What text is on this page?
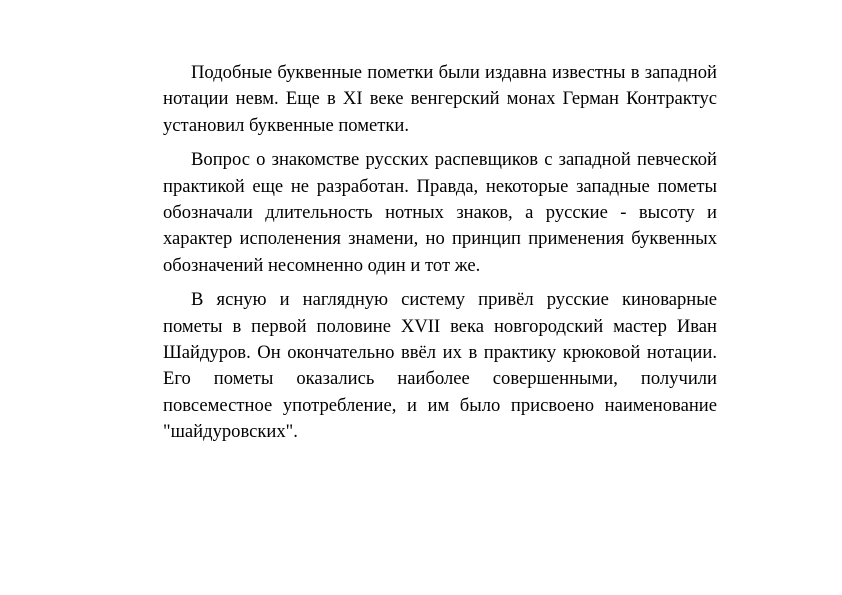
Подобные буквенные пометки были издавна известны в западной нотации невм. Еще в XI веке венгерский монах Герман Контрактус установил буквенные пометки.

Вопрос о знакомстве русских распевщиков с западной певческой практикой еще не разработан. Правда, некоторые западные пометы обозначали длительность нотных знаков, а русские - высоту и характер исполенения знамени, но принцип применения буквенных обозначений несомненно один и тот же.

В ясную и наглядную систему привёл русские киноварные пометы в первой половине XVII века новгородский мастер Иван Шайдуров. Он окончательно ввёл их в практику крюковой нотации. Его пометы оказались наиболее совершенными, получили повсеместное употребление, и им было присвоено наименование "шайдуровских".
